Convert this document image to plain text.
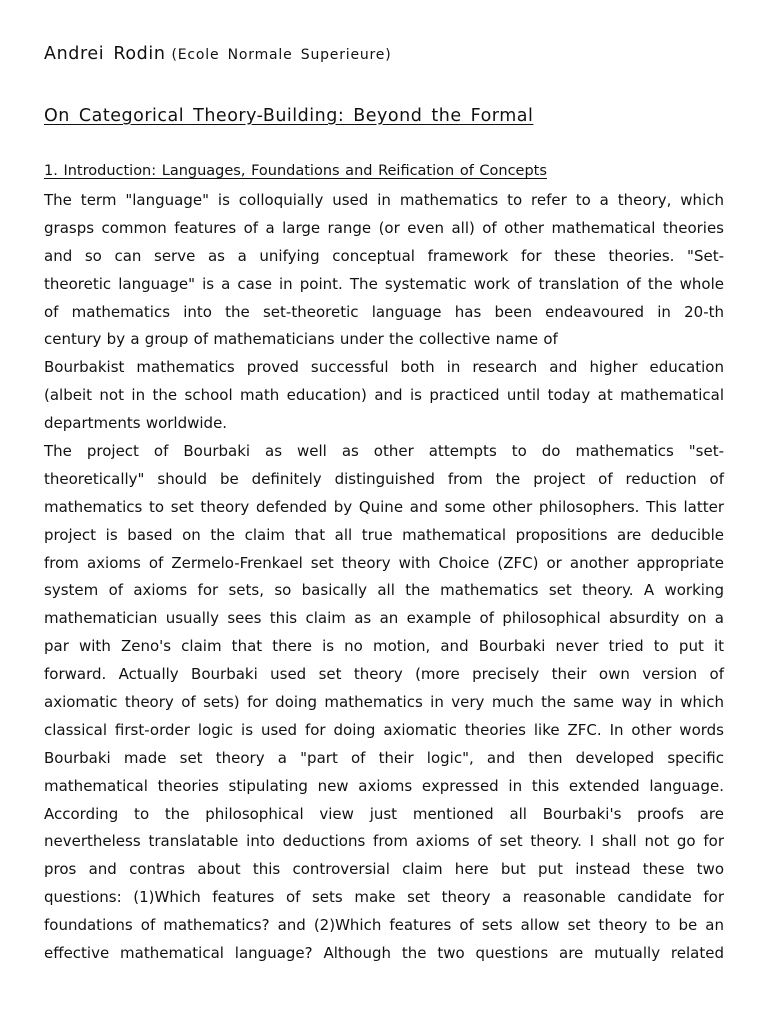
Andrei Rodin (Ecole Normale Superieure)
On Categorical Theory-Building: Beyond the Formal
1. Introduction: Languages, Foundations and Reification of Concepts
The term "language" is colloquially used in mathematics to refer to a theory, which
grasps common features of a large range (or even all) of other mathematical theories
and so can serve as a unifying conceptual framework for these theories. "Set-
theoretic language" is a case in point. The systematic work of translation of the whole
of mathematics into the set-theoretic language has been endeavoured in 20-th
century by a group of mathematicians under the collective name of
Bourbakist mathematics proved successful both in research and higher education
(albeit not in the school math education) and is practiced until today at mathematical
departments worldwide.
The project of Bourbaki as well as other attempts to do mathematics "set-
theoretically" should be definitely distinguished from the project of reduction of
mathematics to set theory defended by Quine and some other philosophers. This latter
project is based on the claim that all true mathematical propositions are deducible
from axioms of Zermelo-Frenkael set theory with Choice (ZFC) or another appropriate
system of axioms for sets, so basically all the mathematics set theory. A working
mathematician usually sees this claim as an example of philosophical absurdity on a
par with Zeno's claim that there is no motion, and Bourbaki never tried to put it
forward. Actually Bourbaki used set theory (more precisely their own version of
axiomatic theory of sets) for doing mathematics in very much the same way in which
classical first-order logic is used for doing axiomatic theories like ZFC. In other words
Bourbaki made set theory a "part of their logic", and then developed specific
mathematical theories stipulating new axioms expressed in this extended language.
According to the philosophical view just mentioned all Bourbaki's proofs are
nevertheless translatable into deductions from axioms of set theory. I shall not go for
pros and contras about this controversial claim here but put instead these two
questions: (1)Which features of sets make set theory a reasonable candidate for
foundations of mathematics? and (2)Which features of sets allow set theory to be an
effective mathematical language? Although the two questions are mutually related
